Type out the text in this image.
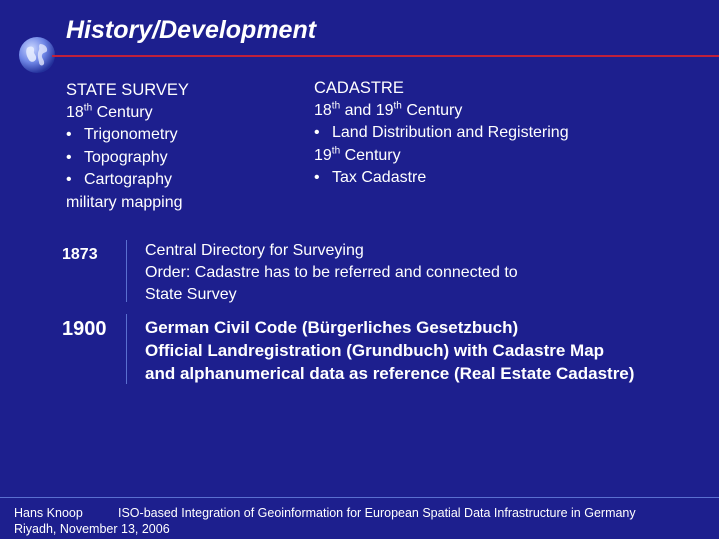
History/Development
STATE SURVEY
18th Century
• Trigonometry
• Topography
• Cartography
military mapping
CADASTRE
18th and 19th Century
• Land Distribution and Registering
19th Century
• Tax Cadastre
1873	Central Directory for Surveying
Order: Cadastre has to be referred and connected to
State Survey
1900 German Civil Code (Bürgerliches Gesetzbuch)
Official Landregistration (Grundbuch) with Cadastre Map
and alphanumerical data as reference (Real Estate Cadastre)
Hans Knoop	ISO-based Integration of Geoinformation for European Spatial Data Infrastructure in Germany
Riyadh, November 13, 2006
